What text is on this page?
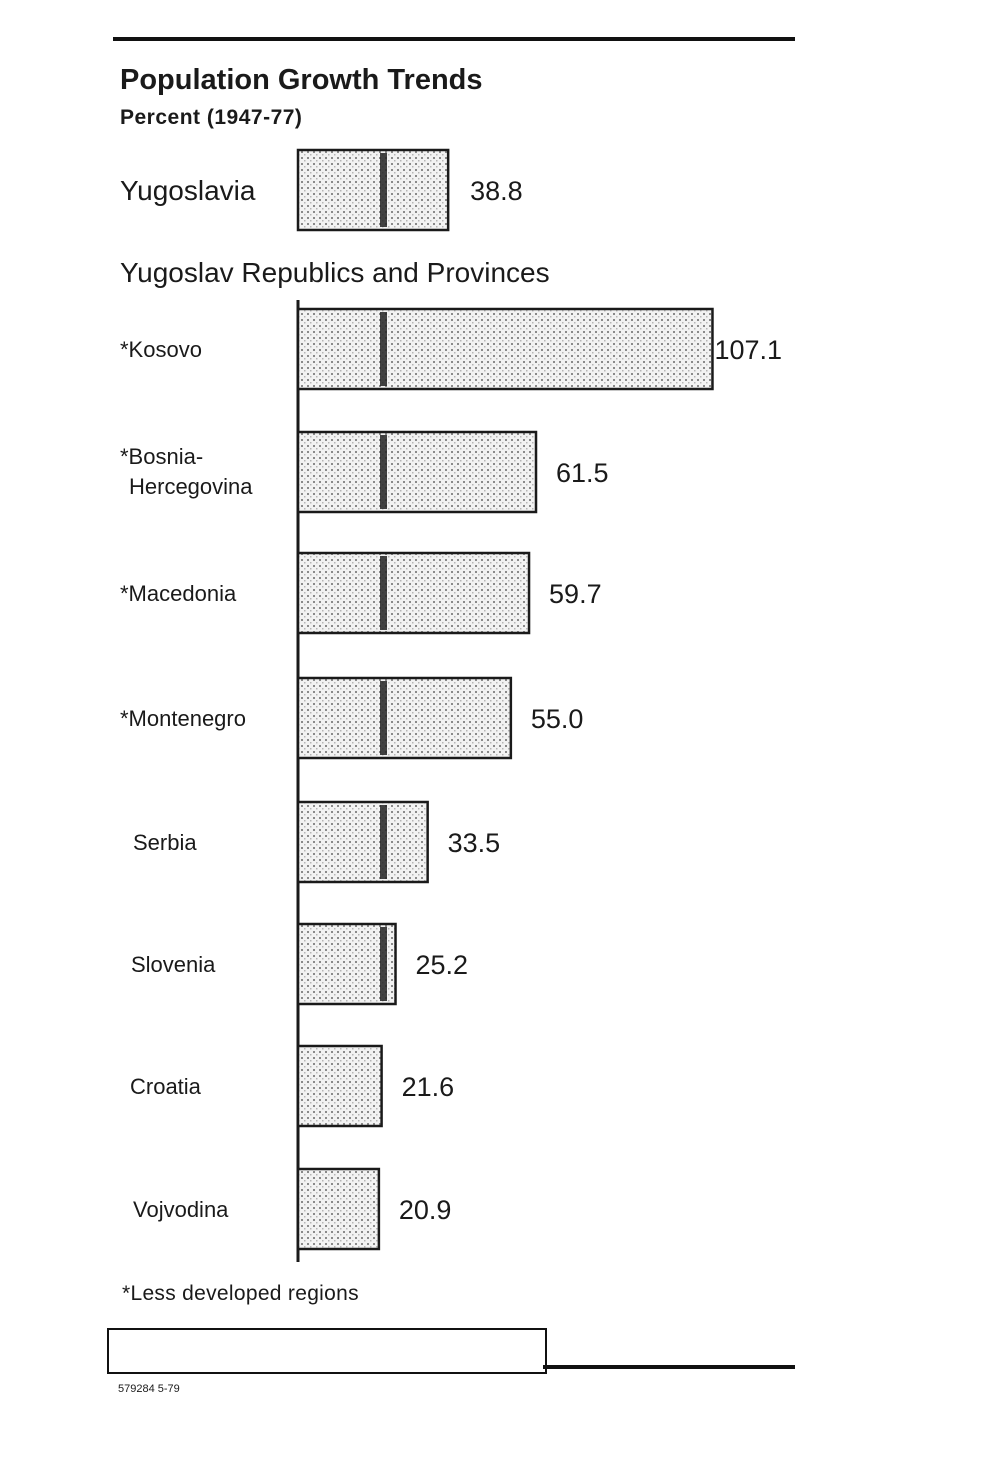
Population Growth Trends
Percent (1947-77)
Yugoslav Republics and Provinces
38.8
Yugoslavia
107.1
*Kosovo
61.5
*Bosnia-
Hercegovina
59.7
*Macedonia
55.0
*Montenegro
33.5
Serbia
25.2
Slovenia
21.6
Croatia
20.9
Vojvodina
*Less developed regions
579284 5-79
